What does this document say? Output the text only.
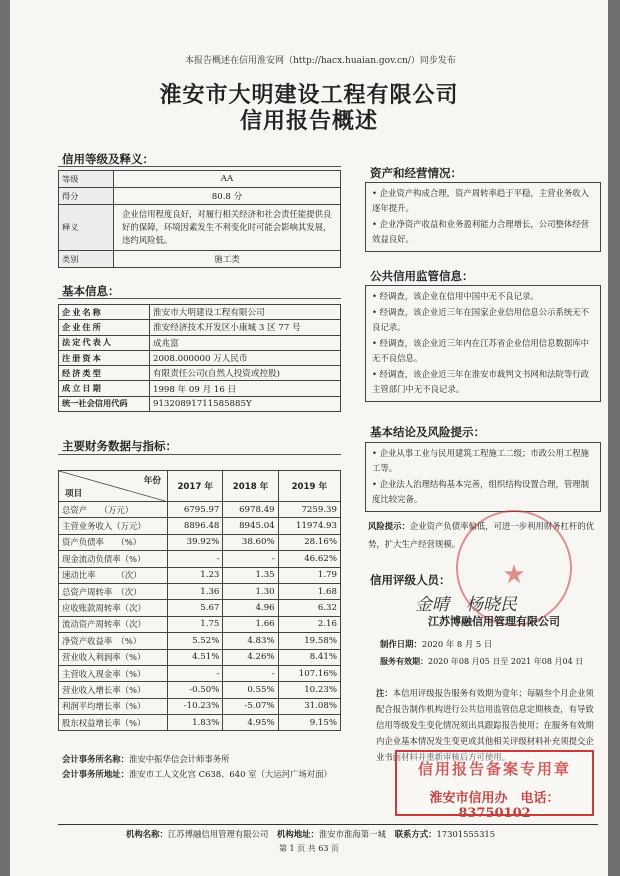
本报告概述在信用淮安网（http://hacx.huaian.gov.cn/）同步发布
淮安市大明建设工程有限公司
信用报告概述
信用等级及释义：
等级	AA
得分	80.8 分
释义	企业信用程度良好，对履行相关经济和社会责任能提供良好的保障，环境因素发生不利变化时可能会影响其发展，违约风险低。
类别	施工类
基本信息：
企业名称	淮安市大明建设工程有限公司
企业住所	淮安经济技术开发区小康城 3 区 77 号
法定代表人	成兆富
注册资本	2008.000000 万人民币
经济类型	有限责任公司(自然人投资或控股)
成立日期	1998 年 09 月 16 日
统一社会信用代码	91320891711585885Y
主要财务数据与指标：
年份
项目	2017 年	2018 年	2019 年
总资产　　（万元）	6795.97	6978.49	7259.39
主营业务收入（万元）	8896.48	8945.04	11974.93
资产负债率　　（%）	39.92%	38.60%	28.16%
现金流动负债率（%）	-	-	46.62%
速动比率　　　（次）	1.23	1.35	1.79
总资产周转率　（次）	1.36	1.30	1.68
应收账款周转率（次）	5.67	4.96	6.32
流动资产周转率（次）	1.75	1.66	2.16
净资产收益率　（%）	5.52%	4.83%	19.58%
营业收入利润率（%）	4.51%	4.26%	8.41%
主营收入现金率（%）	-	-	107.16%
营业收入增长率（%）	-0.50%	0.55%	10.23%
利润平均增长率（%）	-10.23%	-5.07%	31.08%
股东权益增长率（%）	1.83%	4.95%	9.15%
会计事务所名称：淮安中振华信会计师事务所
会计事务所地址：淮安市工人文化宫 C638、640 室（大运河广场对面）
资产和经营情况：

• 企业资产构成合理，资产周转率趋于平稳，主营业务收入逐年提升。

• 企业净资产收益和业务盈利能力合理增长，公司整体经营效益良好。

公共信用监管信息：

• 经调查，该企业在信用中国中无不良记录。

• 经调查，该企业近三年在国家企业信用信息公示系统无不良记录。

• 经调查，该企业近三年内在江苏省企业信用信息数据库中无不良信息。

• 经调查，该企业近三年在淮安市裁判文书网和法院等行政主管部门中无不良记录。

基本结论及风险提示：

• 企业从事工业与民用建筑工程施工二级；市政公用工程施工等。

• 企业法人治理结构基本完善，组织结构设置合理，管理制度比较完备。

风险提示：企业资产负债率偏低，可进一步利用财务杠杆的优势，扩大生产经营规模。
★
信用评级人员：
金晴　杨晓民
江苏博融信用管理有限公司
制作日期：2020 年 8 月 5 日
服务有效期：2020 年08 月05 日至 2021 年08 月04 日
注：本信用评级报告服务有效期为壹年；每隔叁个月企业须配合报告制作机构进行公共信用监管信息定期核查，有导致信用等级发生变化情况须出具跟踪报告使用；在服务有效期内企业基本情况发生变更或其他相关评级材料补充须提交企业书面材料并重新审核后方可使用。
信用报告备案专用章
淮安市信用办　电话：83750102
机构名称：江苏博融信用管理有限公司 机构地址：淮安市淮海第一城 联系方式：17301555315
第 1 页 共 63 页
